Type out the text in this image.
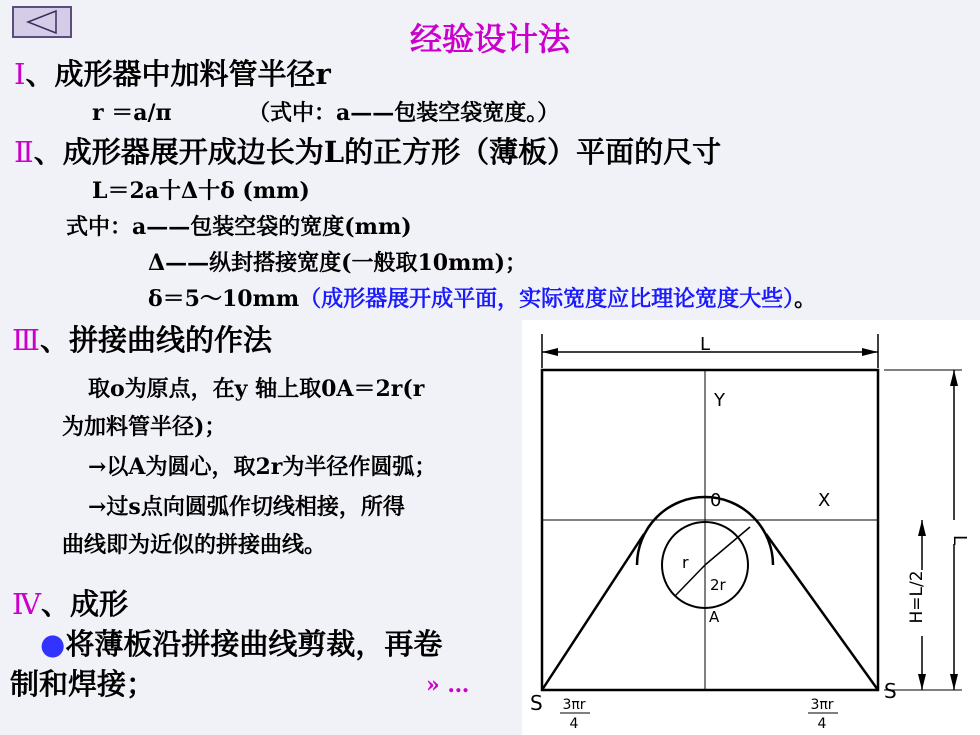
经验设计法
Ⅰ、成形器中加料管半径r
r ＝a/π	（式中：a——包装空袋宽度。）
Ⅱ、成形器展开成边长为L的正方形（薄板）平面的尺寸
L＝2a十Δ十δ (mm)
式中：a——包装空袋的宽度(mm)
Δ——纵封搭接宽度(一般取10mm)；
δ＝5～10mm（成形器展开成平面，实际宽度应比理论宽度大些）。
L
Y
0	X
r
2r
A
L
H=L/2
S	S
3πr
4
3πr
4
Ⅲ、拼接曲线的作法
取o为原点，在y 轴上取0A＝2r(r
为加料管半径)；
→以A为圆心，取2r为半径作圆弧；
→过s点向圆弧作切线相接，所得
曲线即为近似的拼接曲线。
Ⅳ、成形
●将薄板沿拼接曲线剪裁，再卷
制和焊接；	» …
